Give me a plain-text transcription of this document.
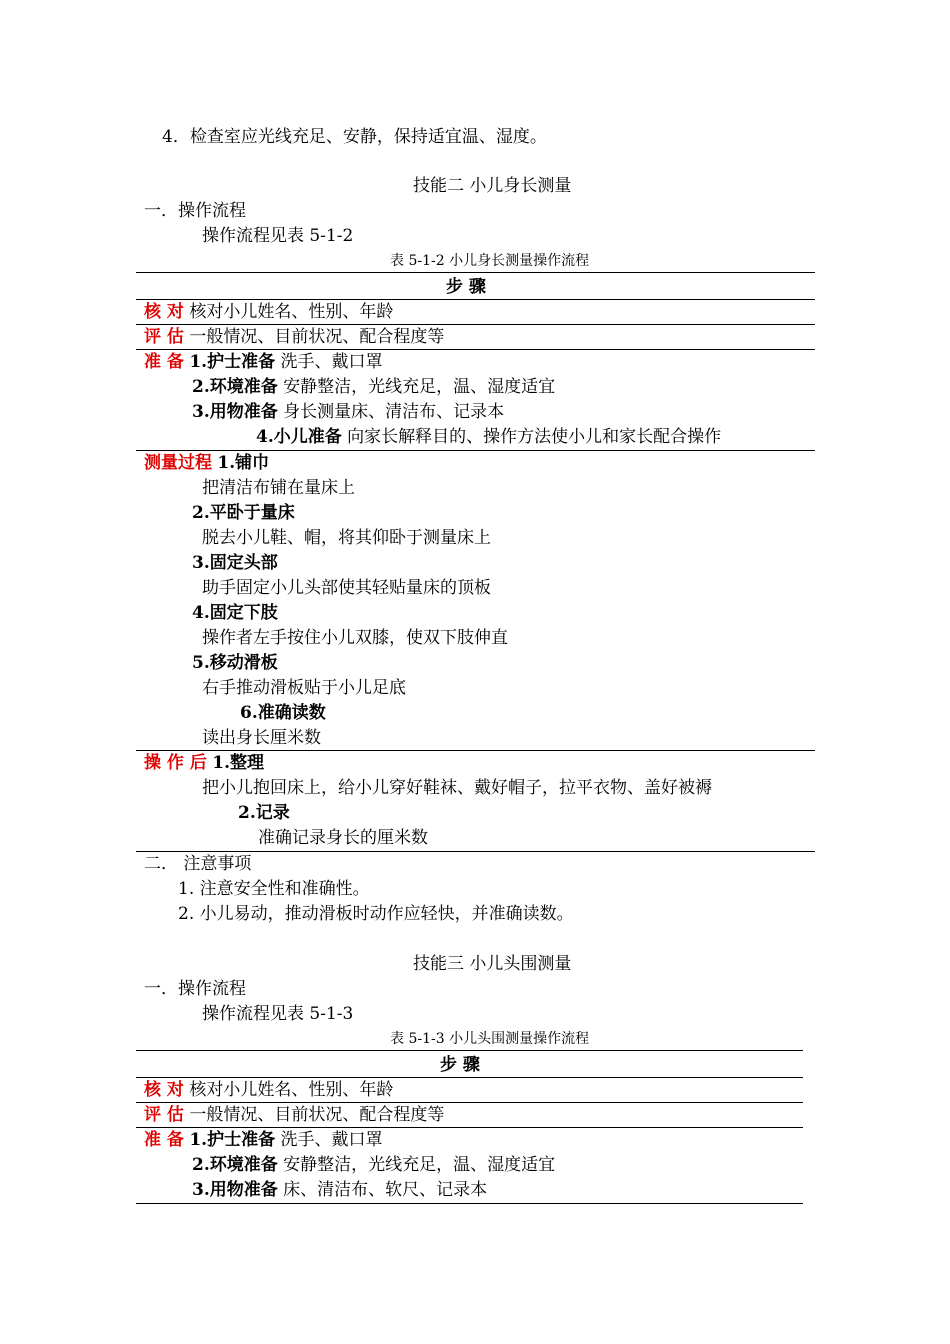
4．检查室应光线充足、安静，保持适宜温、湿度。
技能二 小儿身长测量
一．操作流程
操作流程见表 5-1-2
表 5-1-2 小儿身长测量操作流程
步 骤
核 对 核对小儿姓名、性别、年龄
评 估 一般情况、目前状况、配合程度等
准 备 1.护士准备 洗手、戴口罩
2.环境准备 安静整洁，光线充足，温、湿度适宜
3.用物准备 身长测量床、清洁布、记录本
4.小儿准备 向家长解释目的、操作方法使小儿和家长配合操作
测量过程 1.铺巾
把清洁布铺在量床上
2.平卧于量床
脱去小儿鞋、帽，将其仰卧于测量床上
3.固定头部
助手固定小儿头部使其轻贴量床的顶板
4.固定下肢
操作者左手按住小儿双膝，使双下肢伸直
5.移动滑板
右手推动滑板贴于小儿足底
6.准确读数
读出身长厘米数
操 作 后 1.整理
把小儿抱回床上，给小儿穿好鞋袜、戴好帽子，拉平衣物、盖好被褥
2.记录
准确记录身长的厘米数
二． 注意事项
1. 注意安全性和准确性。
2. 小儿易动，推动滑板时动作应轻快，并准确读数。
技能三 小儿头围测量
一．操作流程
操作流程见表 5-1-3
表 5-1-3 小儿头围测量操作流程
步 骤
核 对 核对小儿姓名、性别、年龄
评 估 一般情况、目前状况、配合程度等
准 备 1.护士准备 洗手、戴口罩
2.环境准备 安静整洁，光线充足，温、湿度适宜
3.用物准备 床、清洁布、软尺、记录本
